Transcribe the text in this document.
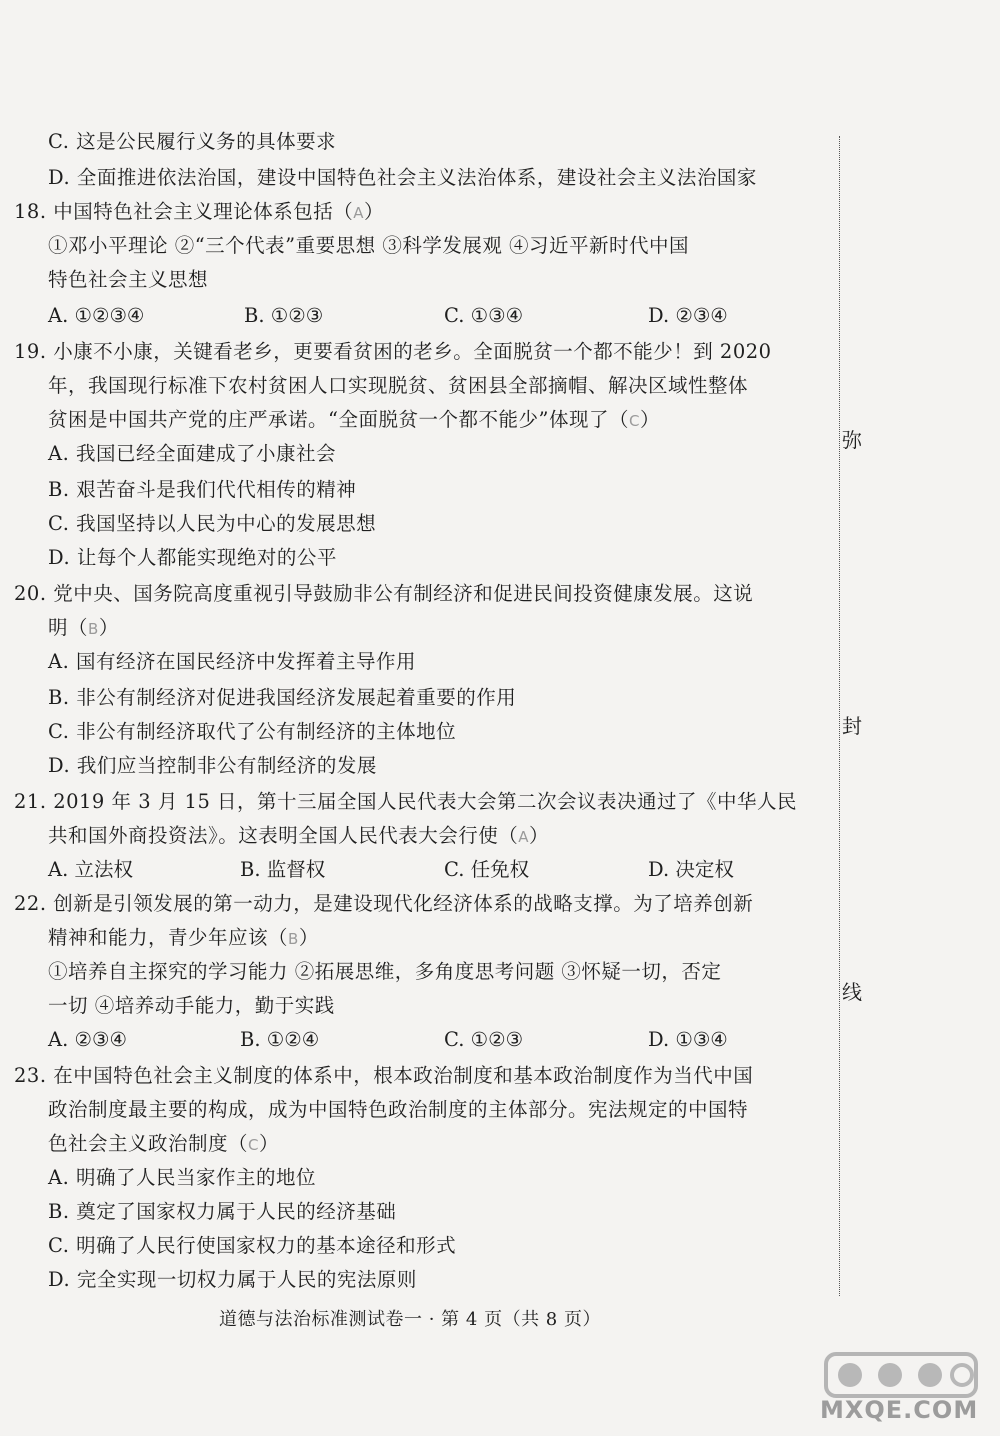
C. 这是公民履行义务的具体要求
D. 全面推进依法治国，建设中国特色社会主义法治体系，建设社会主义法治国家
18. 中国特色社会主义理论体系包括（A）
①邓小平理论 ②“三个代表”重要思想 ③科学发展观 ④习近平新时代中国
特色社会主义思想
A. ①②③④	B. ①②③	C. ①③④	D. ②③④
19. 小康不小康，关键看老乡，更要看贫困的老乡。全面脱贫一个都不能少！到 2020
年，我国现行标准下农村贫困人口实现脱贫、贫困县全部摘帽、解决区域性整体
贫困是中国共产党的庄严承诺。“全面脱贫一个都不能少”体现了（C）
A. 我国已经全面建成了小康社会
B. 艰苦奋斗是我们代代相传的精神
C. 我国坚持以人民为中心的发展思想
D. 让每个人都能实现绝对的公平
20. 党中央、国务院高度重视引导鼓励非公有制经济和促进民间投资健康发展。这说
明（B）
A. 国有经济在国民经济中发挥着主导作用
B. 非公有制经济对促进我国经济发展起着重要的作用
C. 非公有制经济取代了公有制经济的主体地位
D. 我们应当控制非公有制经济的发展
21. 2019 年 3 月 15 日，第十三届全国人民代表大会第二次会议表决通过了《中华人民
共和国外商投资法》。这表明全国人民代表大会行使（A）
A. 立法权	B. 监督权	C. 任免权	D. 决定权
22. 创新是引领发展的第一动力，是建设现代化经济体系的战略支撑。为了培养创新
精神和能力，青少年应该（B）
①培养自主探究的学习能力 ②拓展思维，多角度思考问题 ③怀疑一切，否定
一切 ④培养动手能力，勤于实践
A. ②③④	B. ①②④	C. ①②③	D. ①③④
23. 在中国特色社会主义制度的体系中，根本政治制度和基本政治制度作为当代中国
政治制度最主要的构成，成为中国特色政治制度的主体部分。宪法规定的中国特
色社会主义政治制度（C）
A. 明确了人民当家作主的地位
B. 奠定了国家权力属于人民的经济基础
C. 明确了人民行使国家权力的基本途径和形式
D. 完全实现一切权力属于人民的宪法原则
弥
封
线
道德与法治标准测试卷一 · 第 4 页（共 8 页）
MXQE.COM
